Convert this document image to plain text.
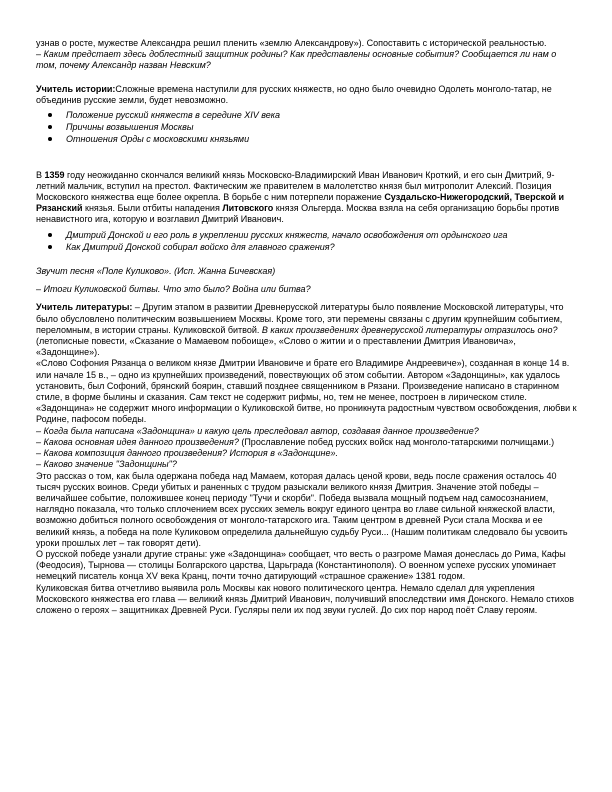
узнав о росте, мужестве Александра решил пленить «землю Александрову»). Сопоставить с исторической реальностью.

– Каким предстает здесь доблестный защитник родины? Как представлены основные события? Сообщается ли нам о том, почему Александр назван Невским?

Учитель истории:Сложные времена наступили для русских княжеств, но одно было очевидно Одолеть монголо-татар, не объединив русские земли, будет невозможно.

Положение русский княжеств в середине XIV века
Причины возвышения Москвы
Отношения Орды с московскими князьями

В 1359 году неожиданно скончался великий князь Московско-Владимирский Иван Иванович Кроткий, и его сын Дмитрий, 9-летний мальчик, вступил на престол. Фактическим же правителем в малолетство князя был митрополит Алексий. Позиция Московского княжества еще более окрепла. В борьбе с ним потерпели поражение Суздальско-Нижегородский, Тверской и Рязанский князья. Были отбиты нападения Литовского князя Ольгерда. Москва взяла на себя организацию борьбы против ненавистного ига, которую и возглавил Дмитрий Иванович.

Дмитрий Донской и его роль в укреплении русских княжеств, начало освобождения от ордынского ига
Как Дмитрий Донской собирал войско для главного сражения?

Звучит песня «Поле Куликово». (Исп. Жанна Бичевская)

– Итоги Куликовской битвы. Что это было? Война или битва?

Учитель литературы: – Другим этапом в развитии Древнерусской литературы было появление Московской литературы, что было обусловлено политическим возвышением Москвы. Кроме того, эти перемены связаны с другим крупнейшим событием, переломным, в истории страны. Куликовской битвой. В каких произведениях древнерусской литературы отразилось оно? (летописные повести, «Сказание о Мамаевом побоище», «Слово о житии и о преставлении Дмитрия Ивановича», «Задонщине»).

«Слово Софония Рязанца о великом князе Дмитрии Ивановиче и брате его Владимире Андреевиче»), созданная в конце 14 в. или начале 15 в., – одно из крупнейших произведений, повествующих об этом событии. Автором «Задонщины», как удалось установить, был Софоний, брянский боярин, ставший позднее священником в Рязани. Произведение написано в старинном стиле, в форме былины и сказания. Сам текст не содержит рифмы, но, тем не менее, построен в лирическом стиле. «Задонщина» не содержит много информации о Куликовской битве, но проникнута радостным чувством освобождения, любви к Родине, пафосом победы.

– Когда была написана «Задонщина» и какую цель преследовал автор, создавая данное произведение?

– Какова основная идея данного произведения? (Прославление побед русских войск над монголо-татарскими полчищами.)

– Какова композиция данного произведения? История в «Задонщине».

– Каково значение "Задонщины"?

Это рассказ о том, как была одержана победа над Мамаем, которая далась ценой крови, ведь после сражения осталось 40 тысяч русских воинов. Среди убитых и раненных с трудом разыскали великого князя Дмитрия. Значение этой победы – величайшее событие, положившее конец периоду "Тучи и скорби". Победа вызвала мощный подъем над самосознанием, наглядно показала, что только сплочением всех русских земель вокруг единого центра во главе сильной княжеской власти, возможно добиться полного освобождения от монголо-татарского ига. Таким центром в древней Руси стала Москва и ее великий князь, а победа на поле Куликовом определила дальнейшую судьбу Руси... (Нашим политикам следовало бы усвоить уроки прошлых лет – так говорят дети).

О русской победе узнали другие страны: уже «Задонщина» сообщает, что весть о разгроме Мамая донеслась до Рима, Кафы (Феодосия), Тырнова — столицы Болгарского царства, Царьграда (Константинополя). О военном успехе русских упоминает немецкий писатель конца XV века Кранц, почти точно датирующий «страшное сражение» 1381 годом.

Куликовская битва отчетливо выявила роль Москвы как нового политического центра. Немало сделал для укрепления Московского княжества его глава — великий князь Дмитрий Иванович, получивший впоследствии имя Донского. Немало стихов сложено о героях – защитниках Древней Руси. Гусляры пели их под звуки гуслей. До сих пор народ поёт Славу героям.
